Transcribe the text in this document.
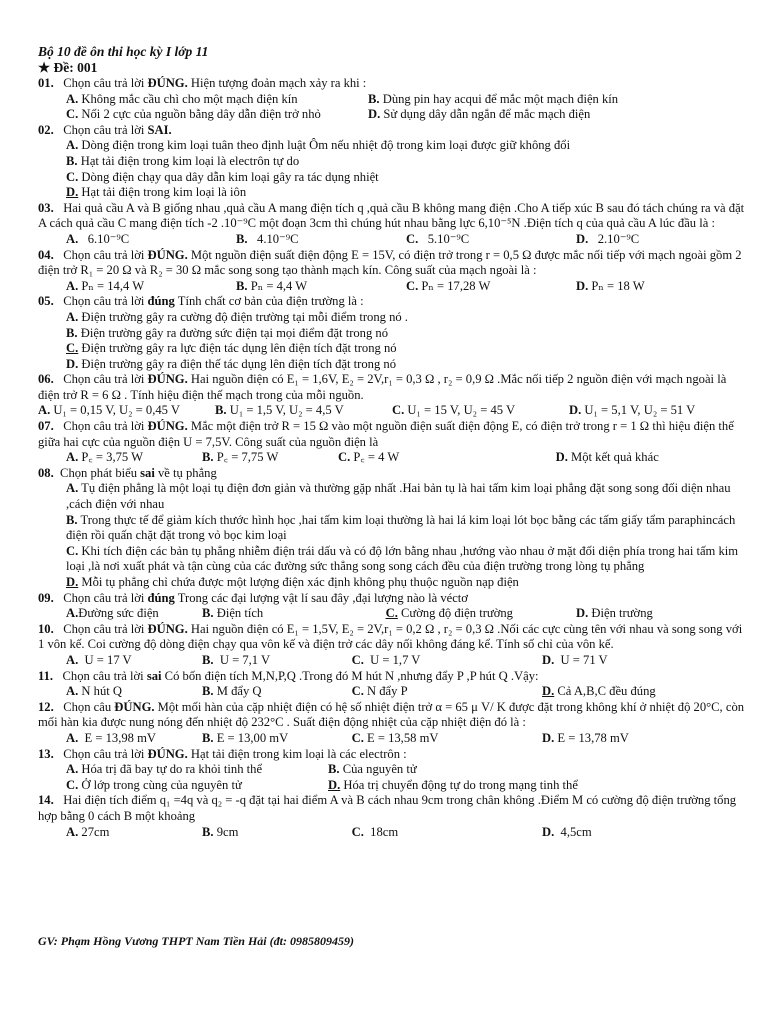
Bộ 10 đề ôn thi học kỳ I lớp 11
★ Đề: 001
01. Chọn câu trả lời ĐÚNG. Hiện tượng đoản mạch xảy ra khi :
A. Không mắc cầu chì cho một mạch điện kín	B. Dùng pin hay acqui để mắc một mạch điện kín
C. Nối 2 cực của nguồn bằng dây dẫn điện trở nhỏ	D. Sử dụng dây dẫn ngắn để mắc mạch điện
02. Chọn câu trả lời SAI.
A. Dòng điện trong kim loại tuân theo định luật Ôm nếu nhiệt độ trong kim loại được giữ không đổi
B. Hạt tải điện trong kim loại là electrôn tự do
C. Dòng điện chạy qua dây dẫn kim loại gây ra tác dụng nhiệt
D. Hạt tải điện trong kim loại là iôn
03. Hai quả cầu A và B giống nhau ,quả cầu A mang điện tích q ,quả cầu B không mang điện .Cho A tiếp xúc B sau đó tách chúng ra và đặt A cách quả cầu C mang điện tích -2 .10⁻⁹C một đoạn 3cm thì chúng hút nhau bằng lực 6,10⁻⁵N .Điện tích q của quả cầu A lúc đầu là :
A. 6.10⁻⁹C	B. 4.10⁻⁹C	C. 5.10⁻⁹C	D. 2.10⁻⁹C
04. Chọn câu trả lời ĐÚNG. Một nguồn điện suất điện động E = 15V, có điện trở trong r = 0,5 Ω được mắc nối tiếp với mạch ngoài gồm 2 điện trở R₁ = 20 Ω và R₂ = 30 Ω mắc song song tạo thành mạch kín. Công suất của mạch ngoài là :
A. Pₙ = 14,4 W	B. Pₙ = 4,4 W	C. Pₙ = 17,28 W	D. Pₙ = 18 W
05. Chọn câu trả lời đúng Tính chất cơ bản của điện trường là :
A. Điện trường gây ra cường độ điện trường tại mỗi điểm trong nó .
B. Điện trường gây ra đường sức điện tại mọi điểm đặt trong nó
C. Điện trường gây ra lực điện tác dụng lên điện tích đặt trong nó
D. Điện trường gây ra điện thế tác dụng lên điện tích đặt trong nó
06. Chọn câu trả lời ĐÚNG. Hai nguồn điện có E₁ = 1,6V, E₂ = 2V,r₁ = 0,3 Ω , r₂ = 0,9 Ω .Mắc nối tiếp 2 nguồn điện với mạch ngoài là điện trở R = 6 Ω . Tính hiệu điện thế mạch trong của mỗi nguồn.
A. U₁ = 0,15 V, U₂ = 0,45 V	B. U₁ = 1,5 V, U₂ = 4,5 V	C. U₁ = 15 V, U₂ = 45 V	D. U₁ = 5,1 V, U₂ = 51 V
07. Chọn câu trả lời ĐÚNG. Mắc một điện trở R = 15 Ω vào một nguồn điện suất điện động E, có điện trở trong r = 1 Ω thì hiệu điện thế giữa hai cực của nguồn điện U = 7,5V. Công suất của nguồn điện là
A. P꜀ = 3,75 W	B. P꜀ = 7,75 W	C. P꜀ = 4 W	D. Một kết quả khác
08. Chọn phát biểu sai về tụ phẳng
A. Tụ điện phẳng là một loại tụ điện đơn giản và thường gặp nhất .Hai bản tụ là hai tấm kim loại phẳng đặt song song đối diện nhau ,cách điện với nhau
B. Trong thực tế để giảm kích thước hình học ,hai tấm kim loại thường là hai lá kim loại lót bọc bằng các tấm giấy tẩm paraphincách điện rồi quấn chặt đặt trong vỏ bọc kim loại
C. Khi tích điện các bản tụ phẳng nhiễm điện trái dấu và có độ lớn bằng nhau ,hướng vào nhau ở mặt đối diện phía trong hai tấm kim loại ,là nơi xuất phát và tận cùng của các đường sức thẳng song song cách đều của điện trường trong lòng tụ phẳng
D. Mỗi tụ phẳng chỉ chứa được một lượng điện xác định không phụ thuộc nguồn nạp điện
09. Chọn câu trả lời đúng Trong các đại lượng vật lí sau đây ,đại lượng nào là véctơ
A.Đường sức điện	B. Điện tích	C. Cường độ điện trường	D. Điện trường
10. Chọn câu trả lời ĐÚNG. Hai nguồn điện có E₁ = 1,5V, E₂ = 2V,r₁ = 0,2 Ω , r₂ = 0,3 Ω .Nối các cực cùng tên với nhau và song song với 1 vôn kế. Coi cường độ dòng điện chạy qua vôn kế và điện trở các dây nối không đáng kể. Tính số chỉ của vôn kế.
A. U = 17 V	B. U = 7,1 V	C. U = 1,7 V	D. U = 71 V
11. Chọn câu trả lời sai Có bốn điện tích M,N,P,Q .Trong đó M hút N ,nhưng đẩy P ,P hút Q .Vậy:
A. N hút Q	B. M đẩy Q	C. N đẩy P	D. Cả A,B,C đều đúng
12. Chọn câu ĐÚNG. Một mối hàn của cặp nhiệt điện có hệ số nhiệt điện trở α = 65 μ V/ K được đặt trong không khí ở nhiệt độ 20°C, còn mối hàn kia được nung nóng đến nhiệt độ 232°C . Suất điện động nhiệt của cặp nhiệt điện đó là :
A. E = 13,98 mV	B. E = 13,00 mV	C. E = 13,58 mV	D. E = 13,78 mV
13. Chọn câu trả lời ĐÚNG. Hạt tải điện trong kim loại là các electrôn :
A. Hóa trị đã bay tự do ra khỏi tinh thể	B. Của nguyên tử
C. Ở lớp trong cùng của nguyên tử	D. Hóa trị chuyển động tự do trong mạng tinh thể
14. Hai điện tích điểm q₁ =4q và q₂ = -q đặt tại hai điểm A và B cách nhau 9cm trong chân không .Điểm M có cường độ điện trường tổng hợp bằng 0 cách B một khoảng
A. 27cm	B. 9cm	C. 18cm	D. 4,5cm
GV: Phạm Hồng Vương THPT Nam Tiền Hải (đt: 0985809459)
